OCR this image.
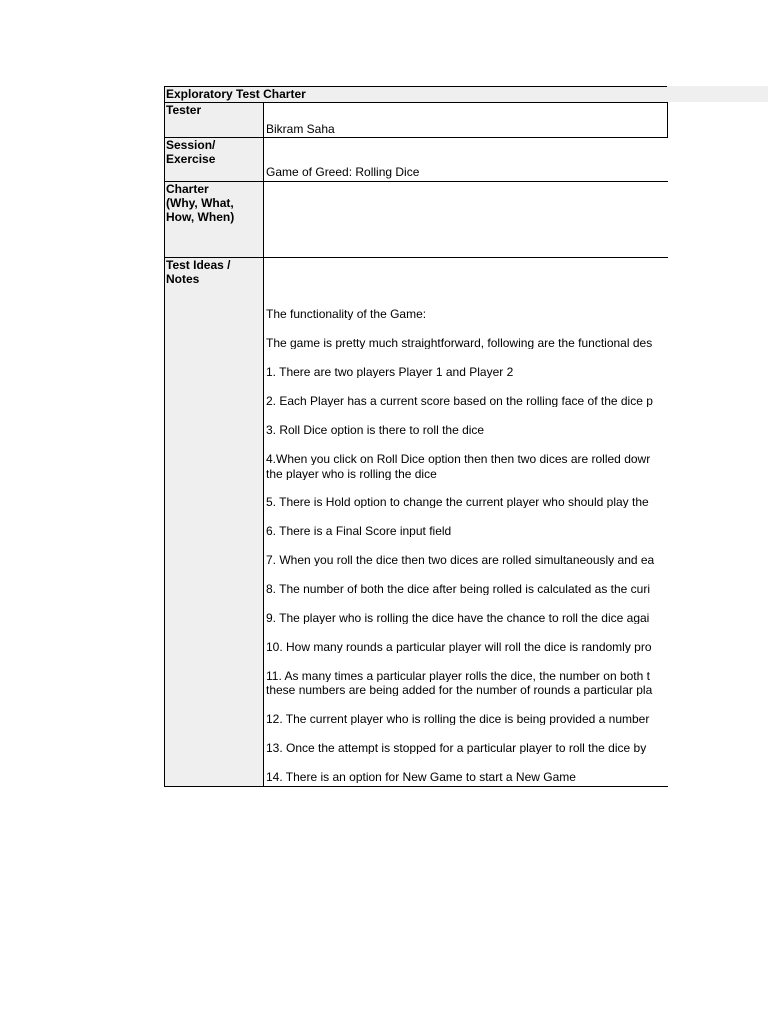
Exploratory Test Charter
Tester
Bikram Saha
Session/
Exercise
Game of Greed: Rolling Dice
Charter
(Why, What,
How, When)
Test Ideas /
Notes
The functionality of the Game:
The game is pretty much straightforward, following are the functional des
1. There are two players Player 1 and Player 2
2. Each Player has a current score based on the rolling face of the dice p
3. Roll Dice option is there to roll the dice
4.When you click on Roll Dice option then then two dices are rolled dowr
the player who is rolling the dice
5. There is Hold option to change the current player who should play the
6. There is a Final Score input field
7. When you roll the dice then two dices are rolled simultaneously and ea
8. The number of both the dice after being rolled is calculated as the curi
9. The player who is rolling the dice have the chance to roll the dice agai
10. How many rounds a particular player will roll the dice is randomly pro
11. As many times a particular player rolls the dice, the number on both t
these numbers are being added for the number of rounds a particular pla
12. The current player who is rolling the dice is being provided a number
13. Once the attempt is stopped for a particular player to roll the dice by
14. There is an option for New Game to start a New Game
